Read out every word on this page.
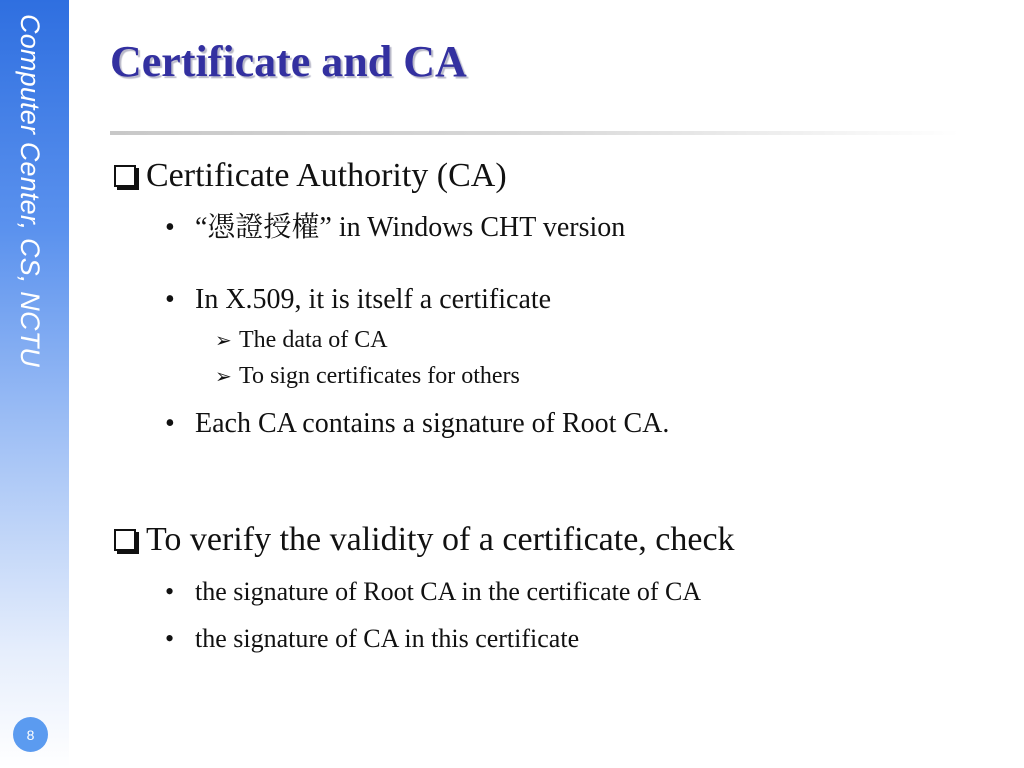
Computer Center, CS, NCTU
8
Certificate and CA
Certificate Authority (CA)
• “憑證授權” in Windows CHT version
• In X.509, it is itself a certificate
➢ The data of CA
➢ To sign certificates for others
• Each CA contains a signature of Root CA.
To verify the validity of a certificate, check
• the signature of Root CA in the certificate of CA
• the signature of CA in this certificate
